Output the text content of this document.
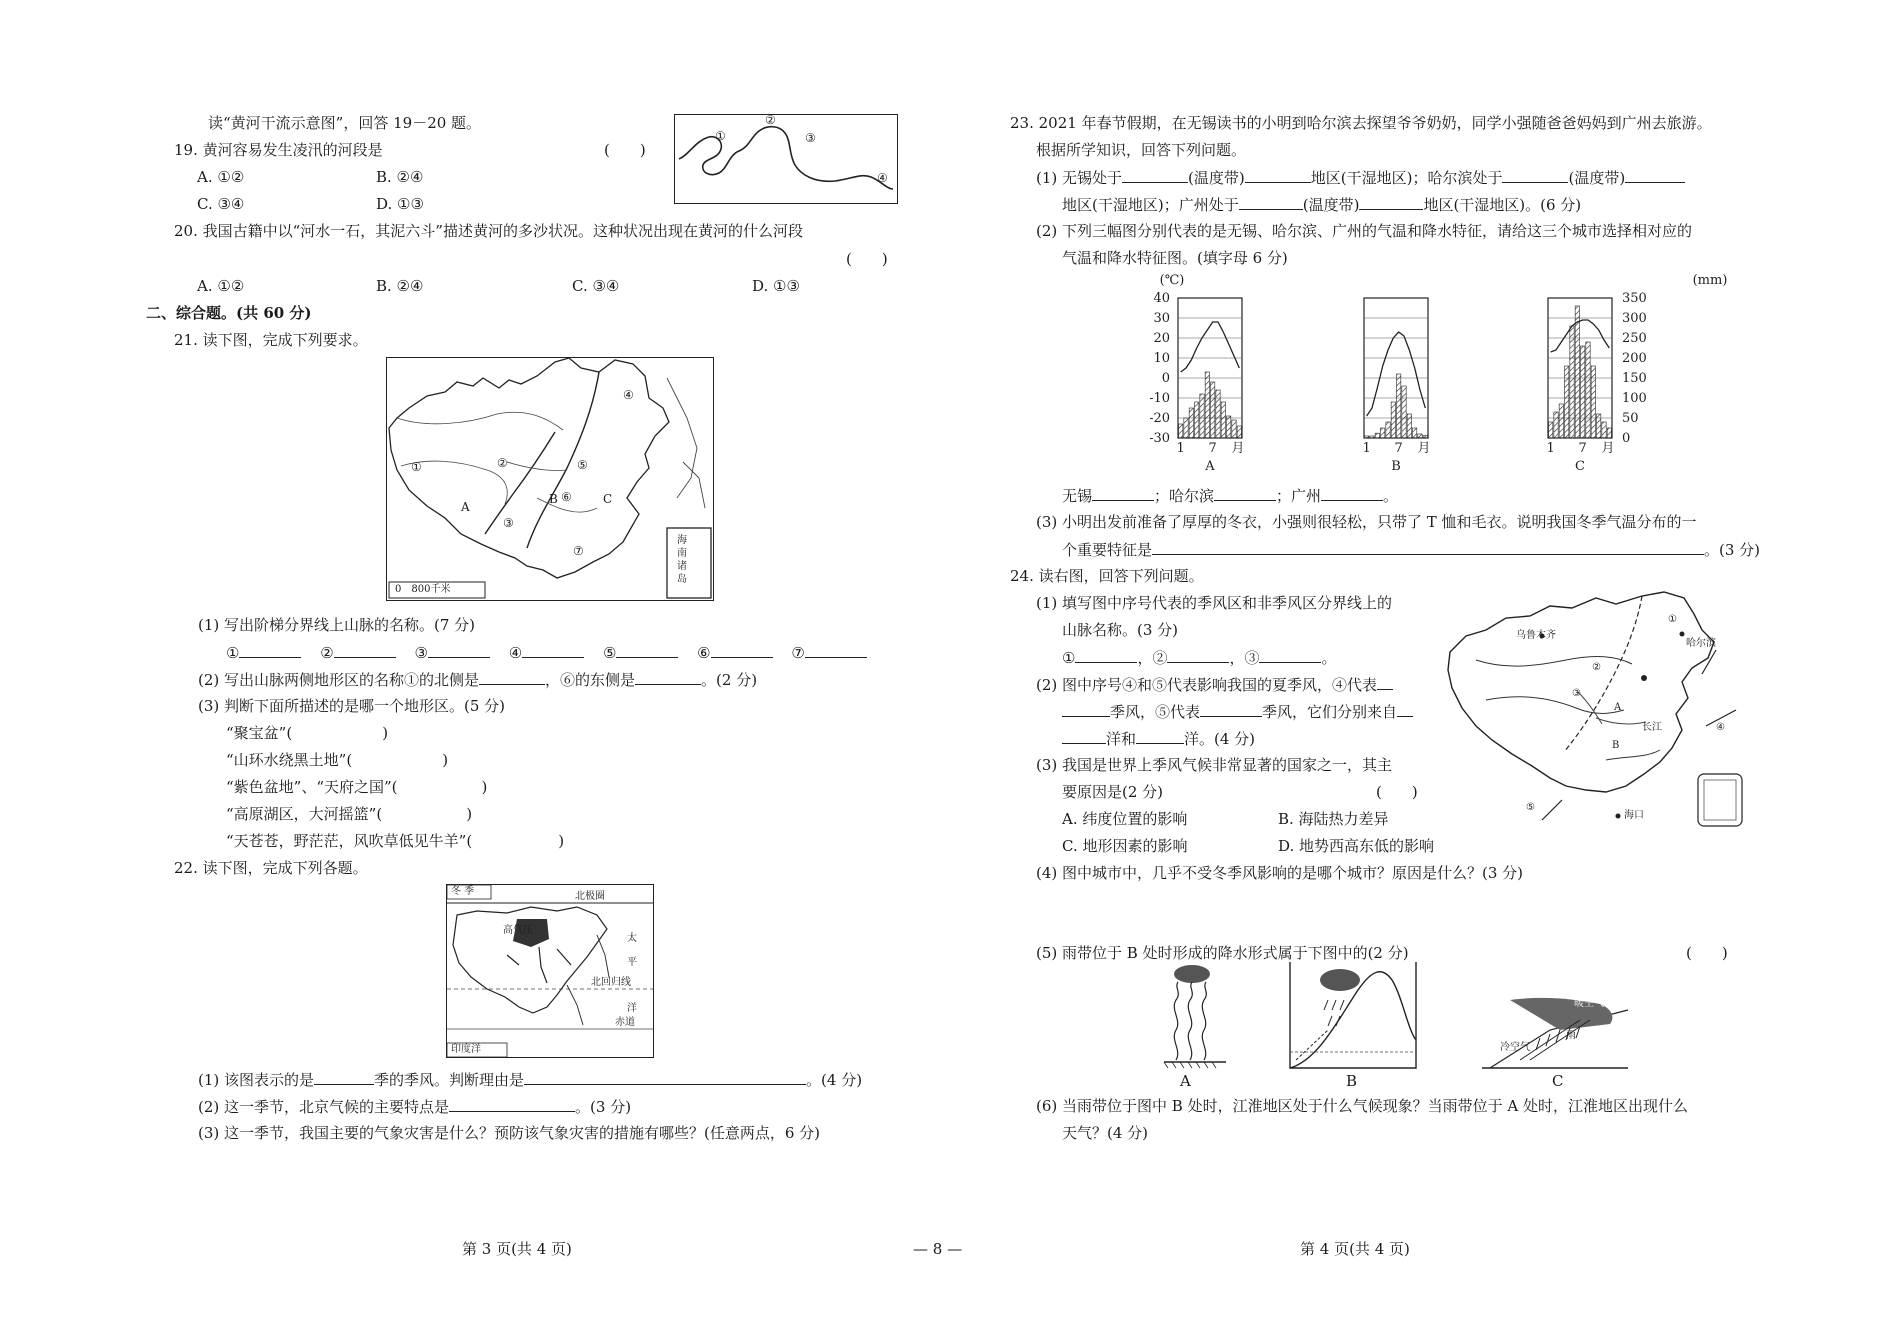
读“黄河干流示意图”，回答 19－20 题。
19. 黄河容易发生凌汛的河段是	(　　)
A. ①②	B. ②④
C. ③④	D. ①③
①
②
③
④
20. 我国古籍中以“河水一石，其泥六斗”描述黄河的多沙状况。这种状况出现在黄河的什么河段
(　　)
A. ①②	B. ②④	C. ③④	D. ①③
二、综合题。(共 60 分)
21. 读下图，完成下列要求。
①	②
③
④
⑤
⑥
⑦
A
B	C
海南诸岛
0　800千米
(1) 写出阶梯分界线上山脉的名称。(7 分)
①	②	③	④	⑤	⑥	⑦
(2) 写出山脉两侧地形区的名称①的北侧是	，⑥的东侧是	。(2 分)
(3) 判断下面所描述的是哪一个地形区。(5 分)
“聚宝盆”(	)
“山环水绕黑土地”(	)
“紫色盆地”、“天府之国”(	)
“高原湖区，大河摇篮”(	)
“天苍苍，野茫茫，风吹草低见牛羊”(	)
22. 读下图，完成下列各题。
冬 季	北极圈
高气压
太
平
洋
北回归线
赤道
印度洋
(1) 该图表示的是	季的季风。判断理由是	。(4 分)
(2) 这一季节，北京气候的主要特点是	。(3 分)
(3) 这一季节，我国主要的气象灾害是什么？预防该气象灾害的措施有哪些？(任意两点，6 分)
第 3 页(共 4 页)	— 8 —
23. 2021 年春节假期，在无锡读书的小明到哈尔滨去探望爷爷奶奶，同学小强随爸爸妈妈到广州去旅游。
根据所学知识，回答下列问题。
(1) 无锡处于	(温度带)	地区(干湿地区)；哈尔滨处于	(温度带)
地区(干湿地区)；广州处于	(温度带)	地区(干湿地区)。(6 分)
(2) 下列三幅图分别代表的是无锡、哈尔滨、广州的气温和降水特征，请给这三个城市选择相对应的
气温和降水特征图。(填字母 6 分)
(℃)
40
30
20
10
0
-10
-20
-30
(mm)
350
300
250
200
150
100
50
0
1 7 月
A
1 7 月
B
1 7 月
C
无锡	；哈尔滨	；广州	。
(3) 小明出发前准备了厚厚的冬衣，小强则很轻松，只带了 T 恤和毛衣。说明我国冬季气温分布的一
个重要特征是	。(3 分)
24. 读右图，回答下列问题。
(1) 填写图中序号代表的季风区和非季风区分界线上的
山脉名称。(3 分)
①	，②	，③	。
(2) 图中序号④和⑤代表影响我国的夏季风，④代表
季风，⑤代表	季风，它们分别来自
洋和	洋。(4 分)
(3) 我国是世界上季风气候非常显著的国家之一，其主
要原因是(2 分)	(　　)
A. 纬度位置的影响	B. 海陆热力差异
C. 地形因素的影响	D. 地势西高东低的影响
①
②
③
④
⑤
乌鲁木齐
哈尔滨
长江
海口
A
B
(4) 图中城市中，几乎不受冬季风影响的是哪个城市？原因是什么？(3 分)
(5) 雨带位于 B 处时形成的降水形式属于下图中的(2 分)	(　　)
A	B
暖空气
冷空气
雨
C
(6) 当雨带位于图中 B 处时，江淮地区处于什么气候现象？当雨带位于 A 处时，江淮地区出现什么
天气？(4 分)
第 4 页(共 4 页)
